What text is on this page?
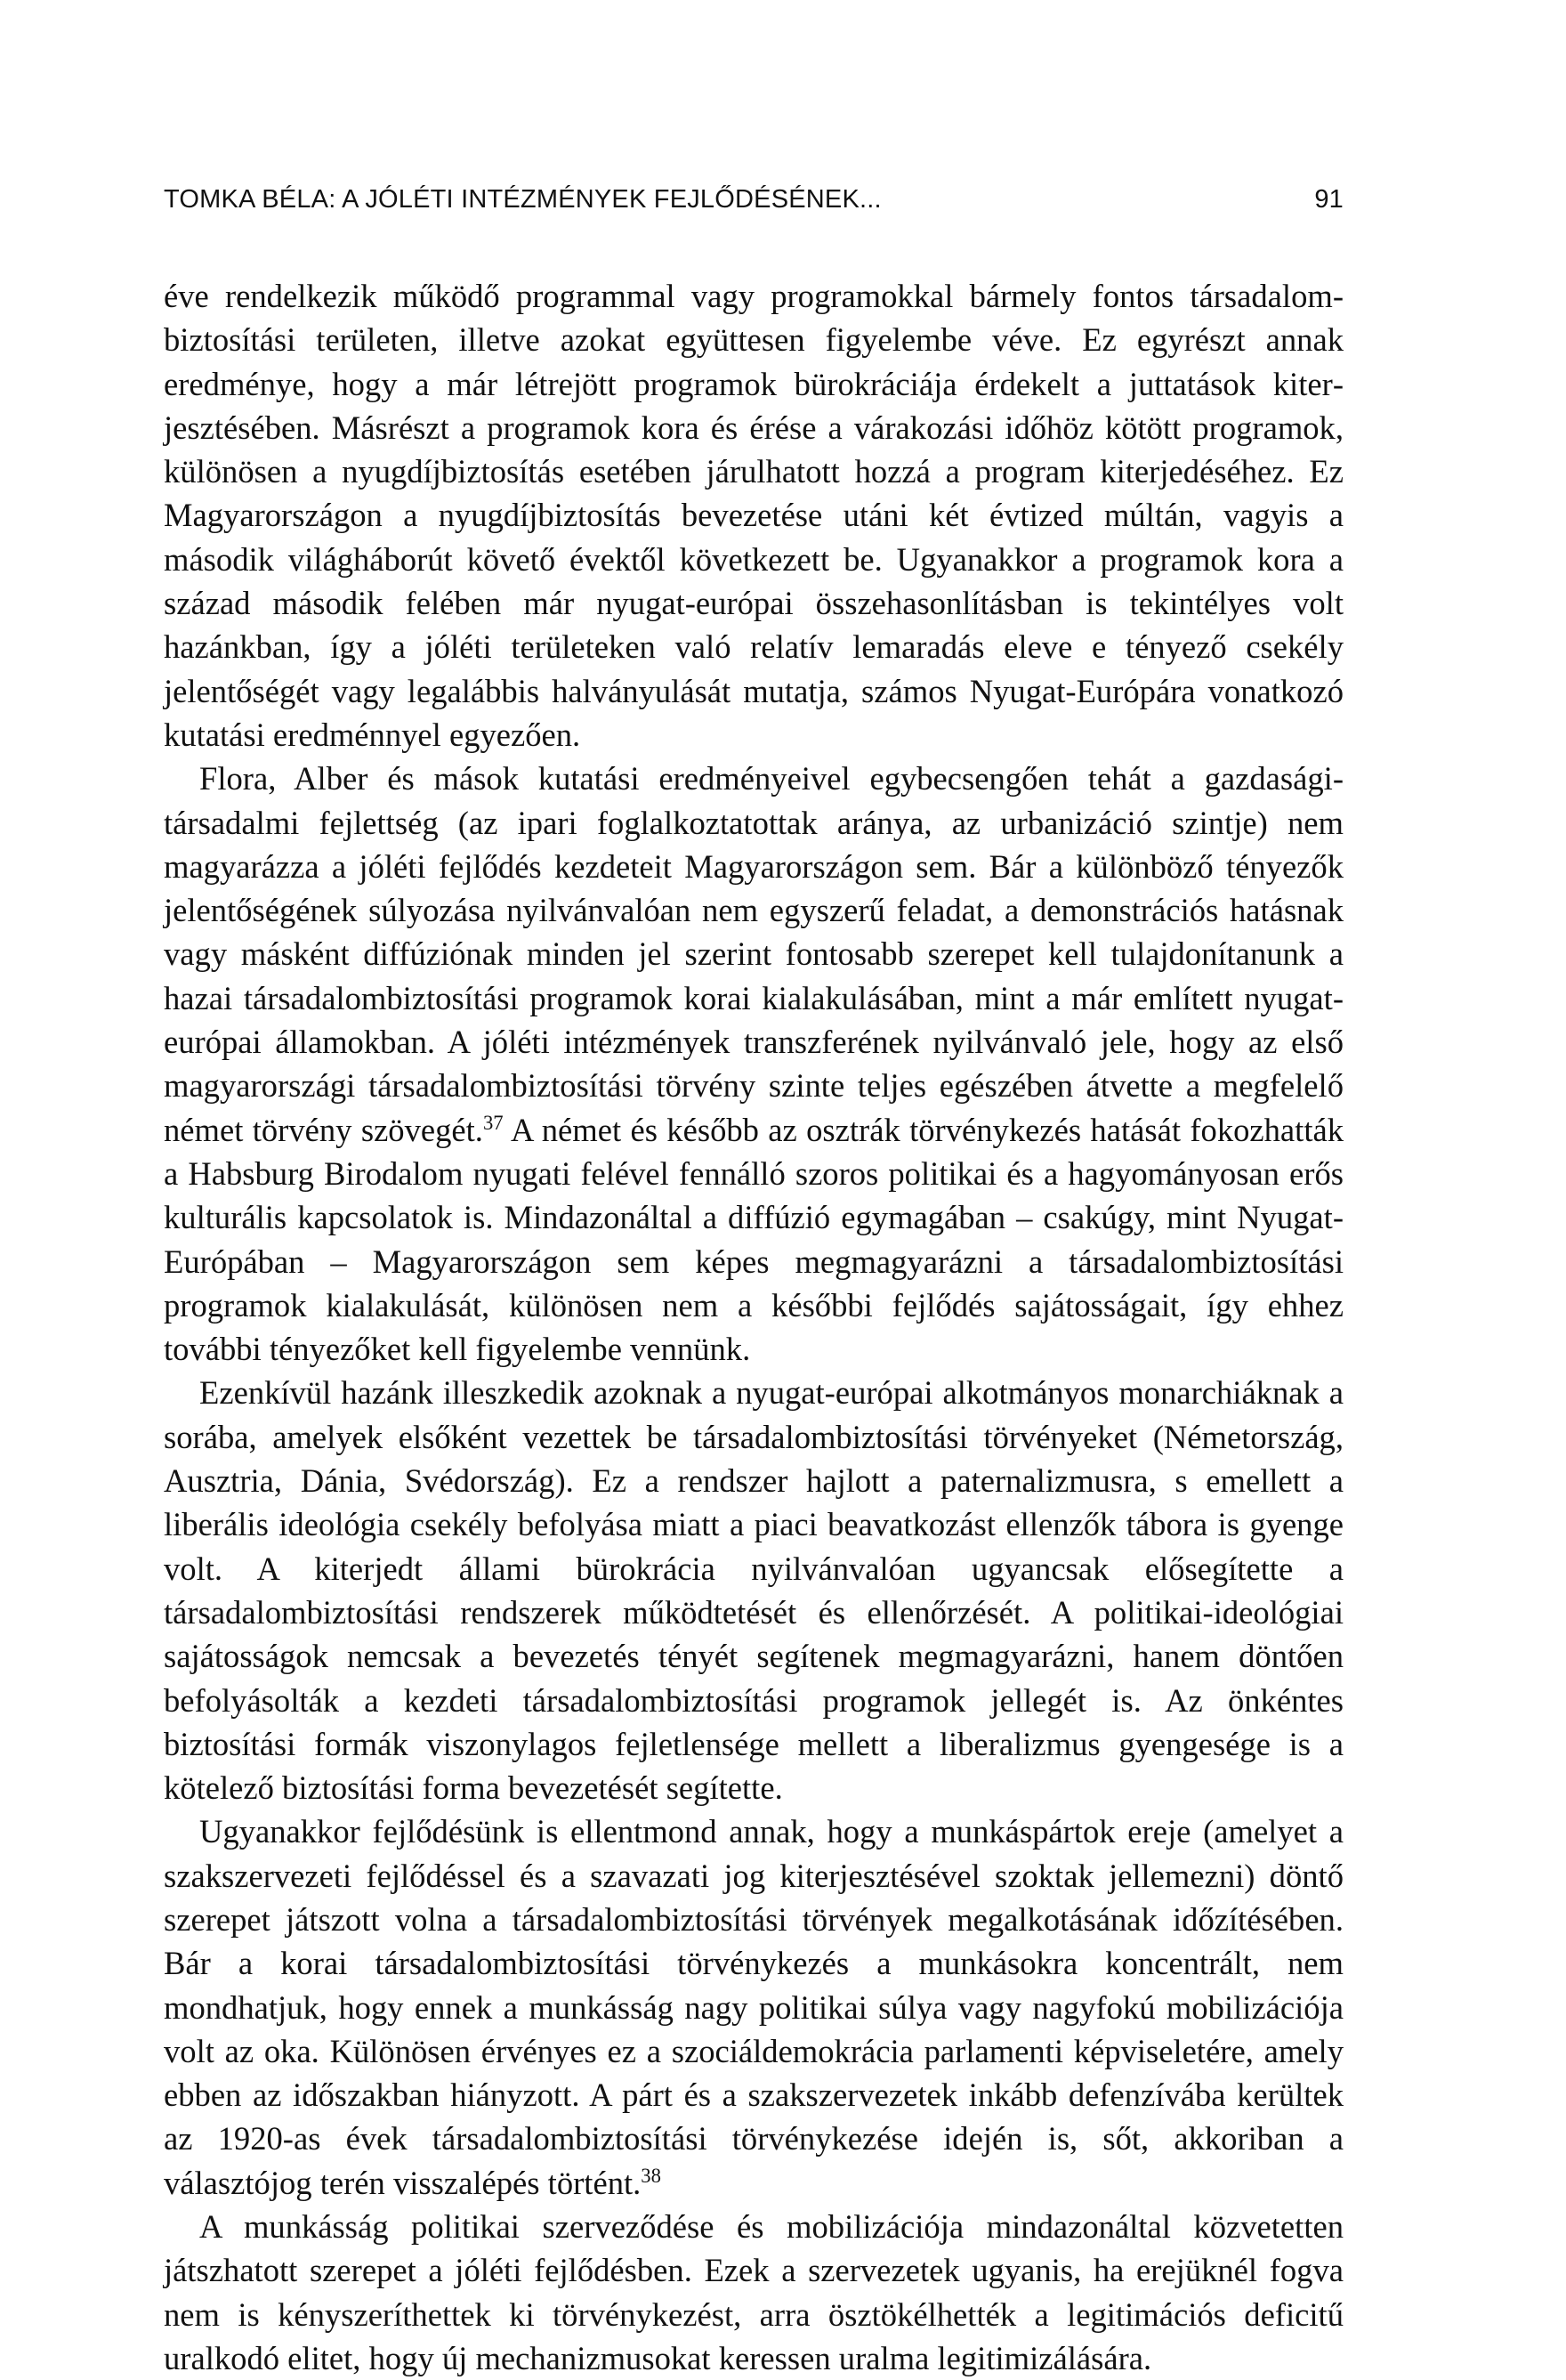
TOMKA BÉLA: A JÓLÉTI INTÉZMÉNYEK FEJLŐDÉSÉNEK...	91

éve rendelkezik működő programmal vagy programokkal bármely fontos társadalombiztosítási területen, illetve azokat együttesen figyelembe véve. Ez egyrészt annak eredménye, hogy a már létrejött programok bürokráciája érdekelt a juttatások kiterjesztésében. Másrészt a programok kora és érése a várakozási időhöz kötött programok, különösen a nyugdíjbiztosítás esetében járulhatott hozzá a program kiterjedéséhez. Ez Magyarországon a nyugdíjbiztosítás bevezetése utáni két évtized múltán, vagyis a második világháborút követő évektől következett be. Ugyanakkor a programok kora a század második felében már nyugat-európai összehasonlításban is tekintélyes volt hazánkban, így a jóléti területeken való relatív lemaradás eleve e tényező csekély jelentőségét vagy legalábbis halványulását mutatja, számos Nyugat-Európára vonatkozó kutatási eredménnyel egyezően.

Flora, Alber és mások kutatási eredményeivel egybecsengően tehát a gazdasági-társadalmi fejlettség (az ipari foglalkoztatottak aránya, az urbanizáció szintje) nem magyarázza a jóléti fejlődés kezdeteit Magyarországon sem. Bár a különböző tényezők jelentőségének súlyozása nyilvánvalóan nem egyszerű feladat, a demonstrációs hatásnak vagy másként diffúziónak minden jel szerint fontosabb szerepet kell tulajdonítanunk a hazai társadalombiztosítási programok korai kialakulásában, mint a már említett nyugat-európai államokban. A jóléti intézmények transzferének nyilvánvaló jele, hogy az első magyarországi társadalombiztosítási törvény szinte teljes egészében átvette a megfelelő német törvény szövegét.$^{37}$ A német és később az osztrák törvénykezés hatását fokozhatták a Habsburg Birodalom nyugati felével fennálló szoros politikai és a hagyományosan erős kulturális kapcsolatok is. Mindazonáltal a diffúzió egymagában – csakúgy, mint Nyugat-Európában – Magyarországon sem képes megmagyarázni a társadalombiztosítási programok kialakulását, különösen nem a későbbi fejlődés sajátosságait, így ehhez további tényezőket kell figyelembe vennünk.

Ezenkívül hazánk illeszkedik azoknak a nyugat-európai alkotmányos monarchiáknak a sorába, amelyek elsőként vezettek be társadalombiztosítási törvényeket (Németország, Ausztria, Dánia, Svédország). Ez a rendszer hajlott a paternalizmusra, s emellett a liberális ideológia csekély befolyása miatt a piaci beavatkozást ellenzők tábora is gyenge volt. A kiterjedt állami bürokrácia nyilvánvalóan ugyancsak elősegítette a társadalombiztosítási rendszerek működtetését és ellenőrzését. A politikai-ideológiai sajátosságok nemcsak a bevezetés tényét segítenek megmagyarázni, hanem döntően befolyásolták a kezdeti társadalombiztosítási programok jellegét is. Az önkéntes biztosítási formák viszonylagos fejletlensége mellett a liberalizmus gyengesége is a kötelező biztosítási forma bevezetését segítette.

Ugyanakkor fejlődésünk is ellentmond annak, hogy a munkáspártok ereje (amelyet a szakszervezeti fejlődéssel és a szavazati jog kiterjesztésével szoktak jellemezni) döntő szerepet játszott volna a társadalombiztosítási törvények megalkotásának időzítésében. Bár a korai társadalombiztosítási törvénykezés a munkásokra koncentrált, nem mondhatjuk, hogy ennek a munkásság nagy politikai súlya vagy nagyfokú mobilizációja volt az oka. Különösen érvényes ez a szociáldemokrácia parlamenti képviseletére, amely ebben az időszakban hiányzott. A párt és a szakszervezetek inkább defenzívába kerültek az 1920-as évek társadalombiztosítási törvénykezése idején is, sőt, akkoriban a választójog terén visszalépés történt.$^{38}$

A munkásság politikai szerveződése és mobilizációja mindazonáltal közvetetten játszhatott szerepet a jóléti fejlődésben. Ezek a szervezetek ugyanis, ha erejüknél fogva nem is kényszeríthettek ki törvénykezést, arra ösztökélhették a legitimációs deficitű uralkodó elitet, hogy új mechanizmusokat keressen uralma legitimizálására.
